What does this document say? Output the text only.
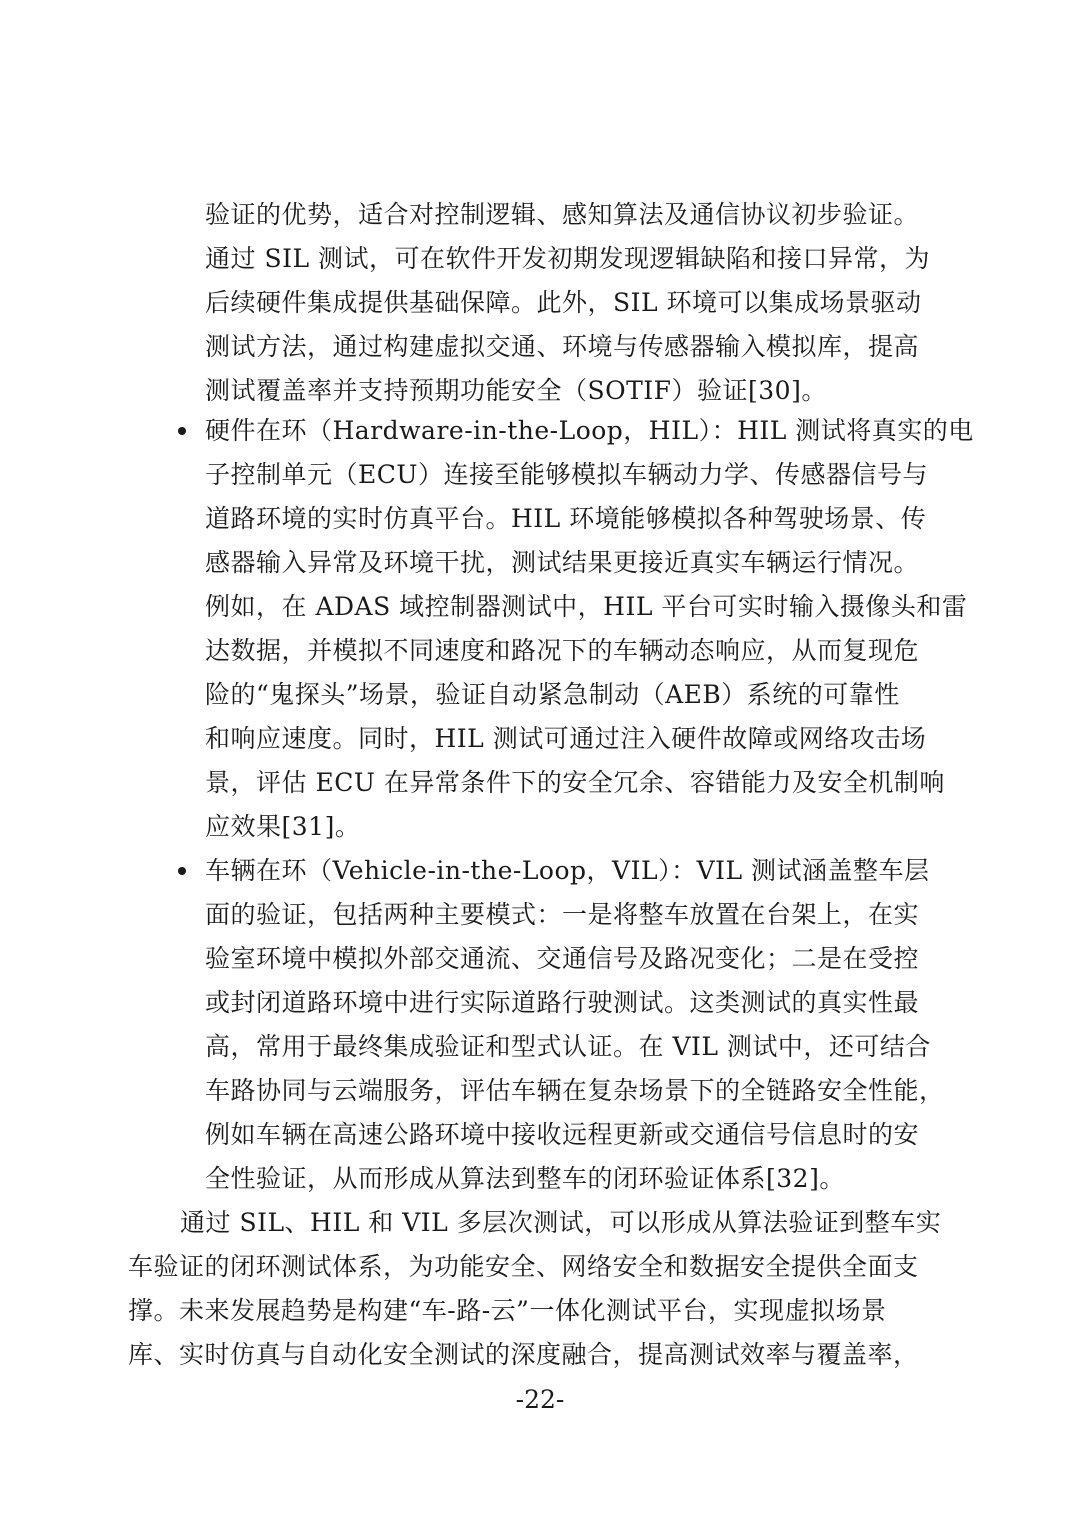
验证的优势，适合对控制逻辑、感知算法及通信协议初步验证。
通过 SIL 测试，可在软件开发初期发现逻辑缺陷和接口异常，为
后续硬件集成提供基础保障。此外，SIL 环境可以集成场景驱动
测试方法，通过构建虚拟交通、环境与传感器输入模拟库，提高
测试覆盖率并支持预期功能安全（SOTIF）验证[30]。
硬件在环（Hardware-in-the-Loop，HIL）：HIL 测试将真实的电
子控制单元（ECU）连接至能够模拟车辆动力学、传感器信号与
道路环境的实时仿真平台。HIL 环境能够模拟各种驾驶场景、传
感器输入异常及环境干扰，测试结果更接近真实车辆运行情况。
例如，在 ADAS 域控制器测试中，HIL 平台可实时输入摄像头和雷
达数据，并模拟不同速度和路况下的车辆动态响应，从而复现危
险的“鬼探头”场景，验证自动紧急制动（AEB）系统的可靠性
和响应速度。同时，HIL 测试可通过注入硬件故障或网络攻击场
景，评估 ECU 在异常条件下的安全冗余、容错能力及安全机制响
应效果[31]。
车辆在环（Vehicle-in-the-Loop，VIL）：VIL 测试涵盖整车层
面的验证，包括两种主要模式：一是将整车放置在台架上，在实
验室环境中模拟外部交通流、交通信号及路况变化；二是在受控
或封闭道路环境中进行实际道路行驶测试。这类测试的真实性最
高，常用于最终集成验证和型式认证。在 VIL 测试中，还可结合
车路协同与云端服务，评估车辆在复杂场景下的全链路安全性能，
例如车辆在高速公路环境中接收远程更新或交通信号信息时的安
全性验证，从而形成从算法到整车的闭环验证体系[32]。
通过 SIL、HIL 和 VIL 多层次测试，可以形成从算法验证到整车实
车验证的闭环测试体系，为功能安全、网络安全和数据安全提供全面支
撑。未来发展趋势是构建“车-路-云”一体化测试平台，实现虚拟场景
库、实时仿真与自动化安全测试的深度融合，提高测试效率与覆盖率，
-22-
